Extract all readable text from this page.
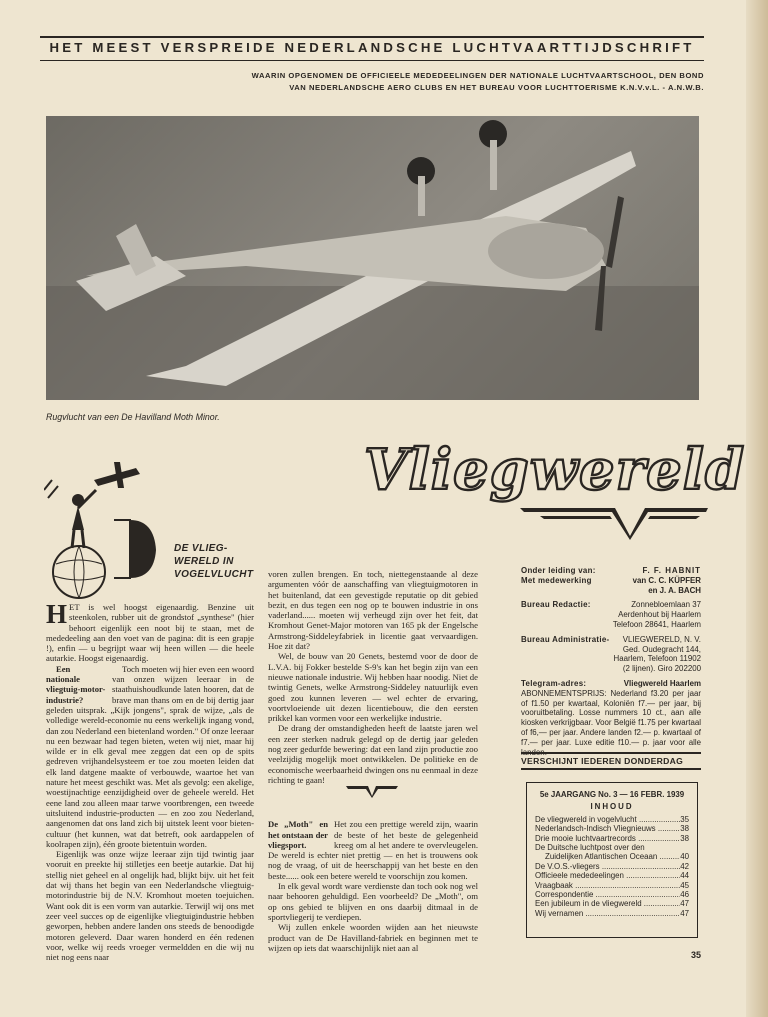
HET MEEST VERSPREIDE NEDERLANDSCHE LUCHTVAARTTIJDSCHRIFT
WAARIN OPGENOMEN DE OFFICIEELE MEDEDEELINGEN DER NATIONALE LUCHTVAARTSCHOOL, DEN BOND
VAN NEDERLANDSCHE AERO CLUBS EN HET BUREAU VOOR LUCHTTOERISME K.N.V.v.L. - A.N.W.B.
Rugvlucht van een De Havilland Moth Minor.
Vliegwereld
DE VLIEG-
WERELD IN
VOGELVLUCHT

HET is wel hoogst eigenaardig. Benzine uit steenkolen, rubber uit de grondstof „synthese" (hier behoort eigenlijk een noot bij te staan, met de mededeeling aan den voet van de pagina: dit is een grapje !), enfin — u begrijpt waar wij heen willen — die heele autarkie. Hoogst eigenaardig.

Een nationale vliegtuig-motor-industrie?
Toch moeten wij hier even een woord van onzen wijzen leeraar in de staathuishoudkunde laten hooren, dat de brave man thans om en de bij dertig jaar geleden uitsprak. „Kijk jongens", sprak de wijze, „als de volledige wereld-economie nu eens werkelijk ingang vond, dan zou Nederland een bietenland worden." Of onze leeraar nu een bezwaar had tegen bieten, weten wij niet, maar hij wilde er in elk geval mee zeggen dat een op de spits gedreven vrijhandelsysteem er toe zou moeten leiden dat elk land datgene maakte of verbouwde, waartoe het van nature het meest geschikt was. Met als gevolg: een akelige, woestijnachtige eenzijdigheid over de geheele wereld. Het eene land zou alleen maar tarwe voortbrengen, een tweede uitsluitend industrie-producten — en zoo zou Nederland, aangenomen dat ons land zich bij uitstek leent voor bieten-cultuur (het kunnen, wat dat betreft, ook aardappelen of koolrapen zijn), één groote bietentuin worden.

Eigenlijk was onze wijze leeraar zijn tijd twintig jaar vooruit en preekte hij stilletjes een beetje autarkie. Dat hij stellig niet geheel en al ongelijk had, blijkt bijv. uit het feit dat wij thans het begin van een Nederlandsche vliegtuig-motorindustrie bij de N.V. Kromhout moeten toejuichen. Want ook dit is een vorm van autarkie. Terwijl wij ons met zeer veel succes op de eigenlijke vliegtuigindustrie hebben geworpen, hebben andere landen ons steeds de benoodigde motoren geleverd. Daar waren honderd en één redenen voor, welke wij reeds vroeger vermeldden en die wij nu niet nog eens naar

voren zullen brengen. En toch, niettegenstaande al deze argumenten vóór de aanschaffing van vliegtuigmotoren in het buitenland, dat een gevestigde reputatie op dit gebied bezit, en dus tegen een nog op te bouwen industrie in ons vaderland...... moeten wij verheugd zijn over het feit, dat Kromhout Genet-Major motoren van 165 pk der Engelsche Armstrong-Siddeleyfabriek in licentie gaat vervaardigen. Hoe zit dat?

Wel, de bouw van 20 Genets, bestemd voor de door de L.V.A. bij Fokker bestelde S-9's kan het begin zijn van een nieuwe nationale industrie. Wij hebben haar noodig. Niet de twintig Genets, welke Armstrong-Siddeley natuurlijk even goed zou kunnen leveren — wel echter de ervaring, voortvloeiende uit dezen licentiebouw, die den eersten prikkel kan vormen voor een werkelijke industrie.

De drang der omstandigheden heeft de laatste jaren wel een zeer sterken nadruk gelegd op de dertig jaar geleden nog zeer gedurfde bewering: dat een land zijn productie zoo veelzijdig mogelijk moet ontwikkelen. De politieke en de economische weerbaarheid dwingen ons nu eenmaal in deze richting te gaan!

De „Moth" en het ontstaan der vliegsport.
Het zou een prettige wereld zijn, waarin de beste of het beste de gelegenheid kreeg om al het andere te overvleugelen. De wereld is echter niet prettig — en het is trouwens ook nog de vraag, of uit de heerschappij van het beste en den beste...... ook een betere wereld te voorschijn zou komen.

In elk geval wordt ware verdienste dan toch ook nog wel naar behooren gehuldigd. Een voorbeeld? De „Moth", om op ons gebied te blijven en ons daarbij ditmaal in de sportvliegerij te verdiepen.

Wij zullen enkele woorden wijden aan het nieuwste product van de De Havilland-fabriek en beginnen met te wijzen op iets dat waarschijnlijk niet aan al

Onder leiding van:	F. F. HABNIT
Met medewerking	van C. C. KÜPFER
en J. A. BACH
Bureau Redactie:	Zonnebloemlaan 37
Aerdenhout bij Haarlem
Telefoon 28641, Haarlem
Bureau Administratie-	VLIEGWERELD, N. V.
Ged. Oudegracht 144,
Haarlem, Telefoon 11902
(2 lijnen). Giro 202200
Telegram-adres:	Vliegwereld Haarlem
ABONNEMENTSPRIJS: Nederland f3.20 per jaar of f1.50 per kwartaal, Koloniën f7.— per jaar, bij vooruitbetaling. Losse nummers 10 ct., aan alle kiosken verkrijgbaar. Voor België f1.75 per kwartaal of f6,— per jaar. Andere landen f2.— p. kwartaal of f7.— per jaar. Luxe editie f10.— p. jaar voor alle landen.
VERSCHIJNT IEDEREN DONDERDAG
5e JAARGANG No. 3 — 16 FEBR. 1939
INHOUD
De vliegwereld in vogelvlucht .....	35
Nederlandsch-Indisch Vliegnieuws .....	38
Drie mooie luchtvaartrecords .....	38
De Duitsche luchtpost over den
Zuidelijken Atlantischen Oceaan .....	40
De V.O.S.-vliegers .....	42
Officieele mededeelingen .....	44
Vraagbaak .....	45
Correspondentie .....	46
Een jubileum in de vliegwereld .....	47
Wij vernamen .....	47
35
